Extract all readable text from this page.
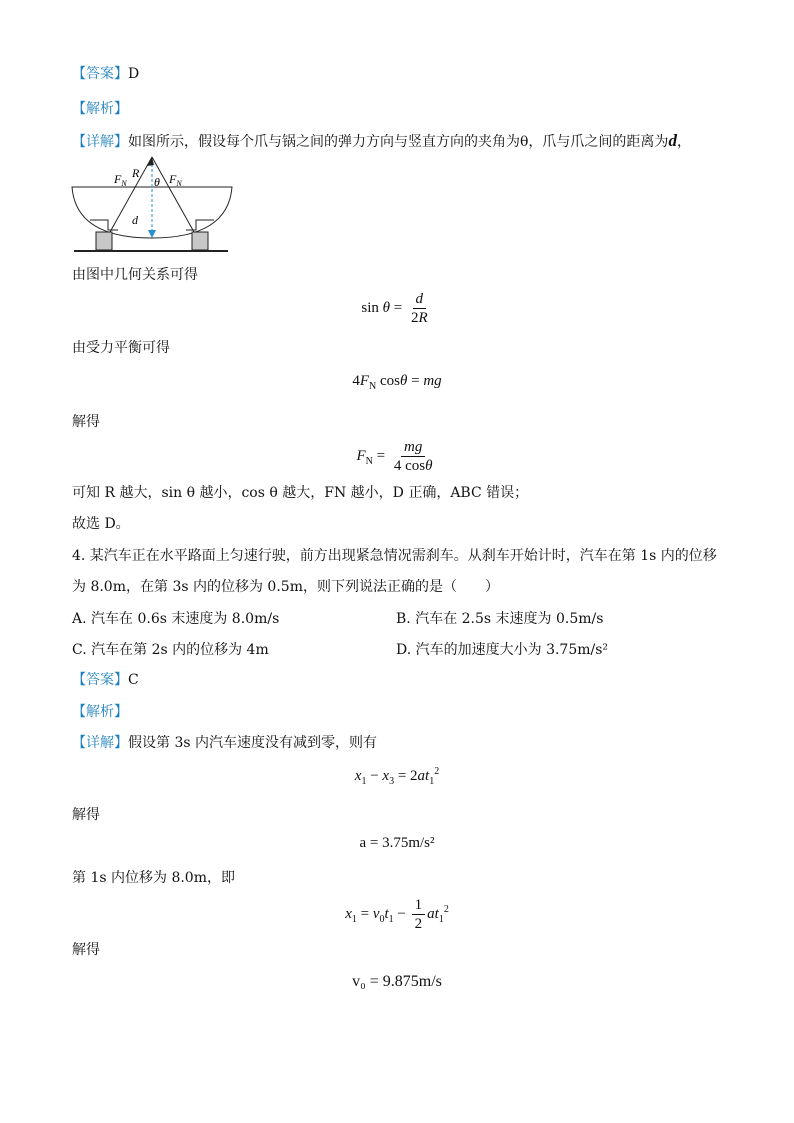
【答案】D
【解析】
【详解】如图所示，假设每个爪与锅之间的弹力方向与竖直方向的夹角为θ，爪与爪之间的距离为d，
$F_N$
R
θ $F_N$
d
由图中几何关系可得
$\sin \theta = \frac{d}{2R}$
由受力平衡可得
$4F_N$ cosθ = mg
解得
$F_N = \frac{mg}{4 \cos\theta}$
可知 R 越大，sin θ 越小，cos θ 越大，FN 越小，D 正确，ABC 错误；
故选 D。
4. 某汽车正在水平路面上匀速行驶，前方出现紧急情况需刹车。从刹车开始计时，汽车在第 1s 内的位移
为 8.0m，在第 3s 内的位移为 0.5m，则下列说法正确的是（　　）
A. 汽车在 0.6s 末速度为 8.0m/s	B. 汽车在 2.5s 末速度为 0.5m/s
C. 汽车在第 2s 内的位移为 4m	D. 汽车的加速度大小为 3.75m/s²
【答案】C
【解析】
【详解】假设第 3s 内汽车速度没有减到零，则有
$x_1 - x_3 = 2at_1^2$
解得
a = 3.75m/s²
第 1s 内位移为 8.0m，即
$x_1 = v_0t_1 - \frac{1}{2} at_1^2$
解得
v₀ = 9.875m/s
